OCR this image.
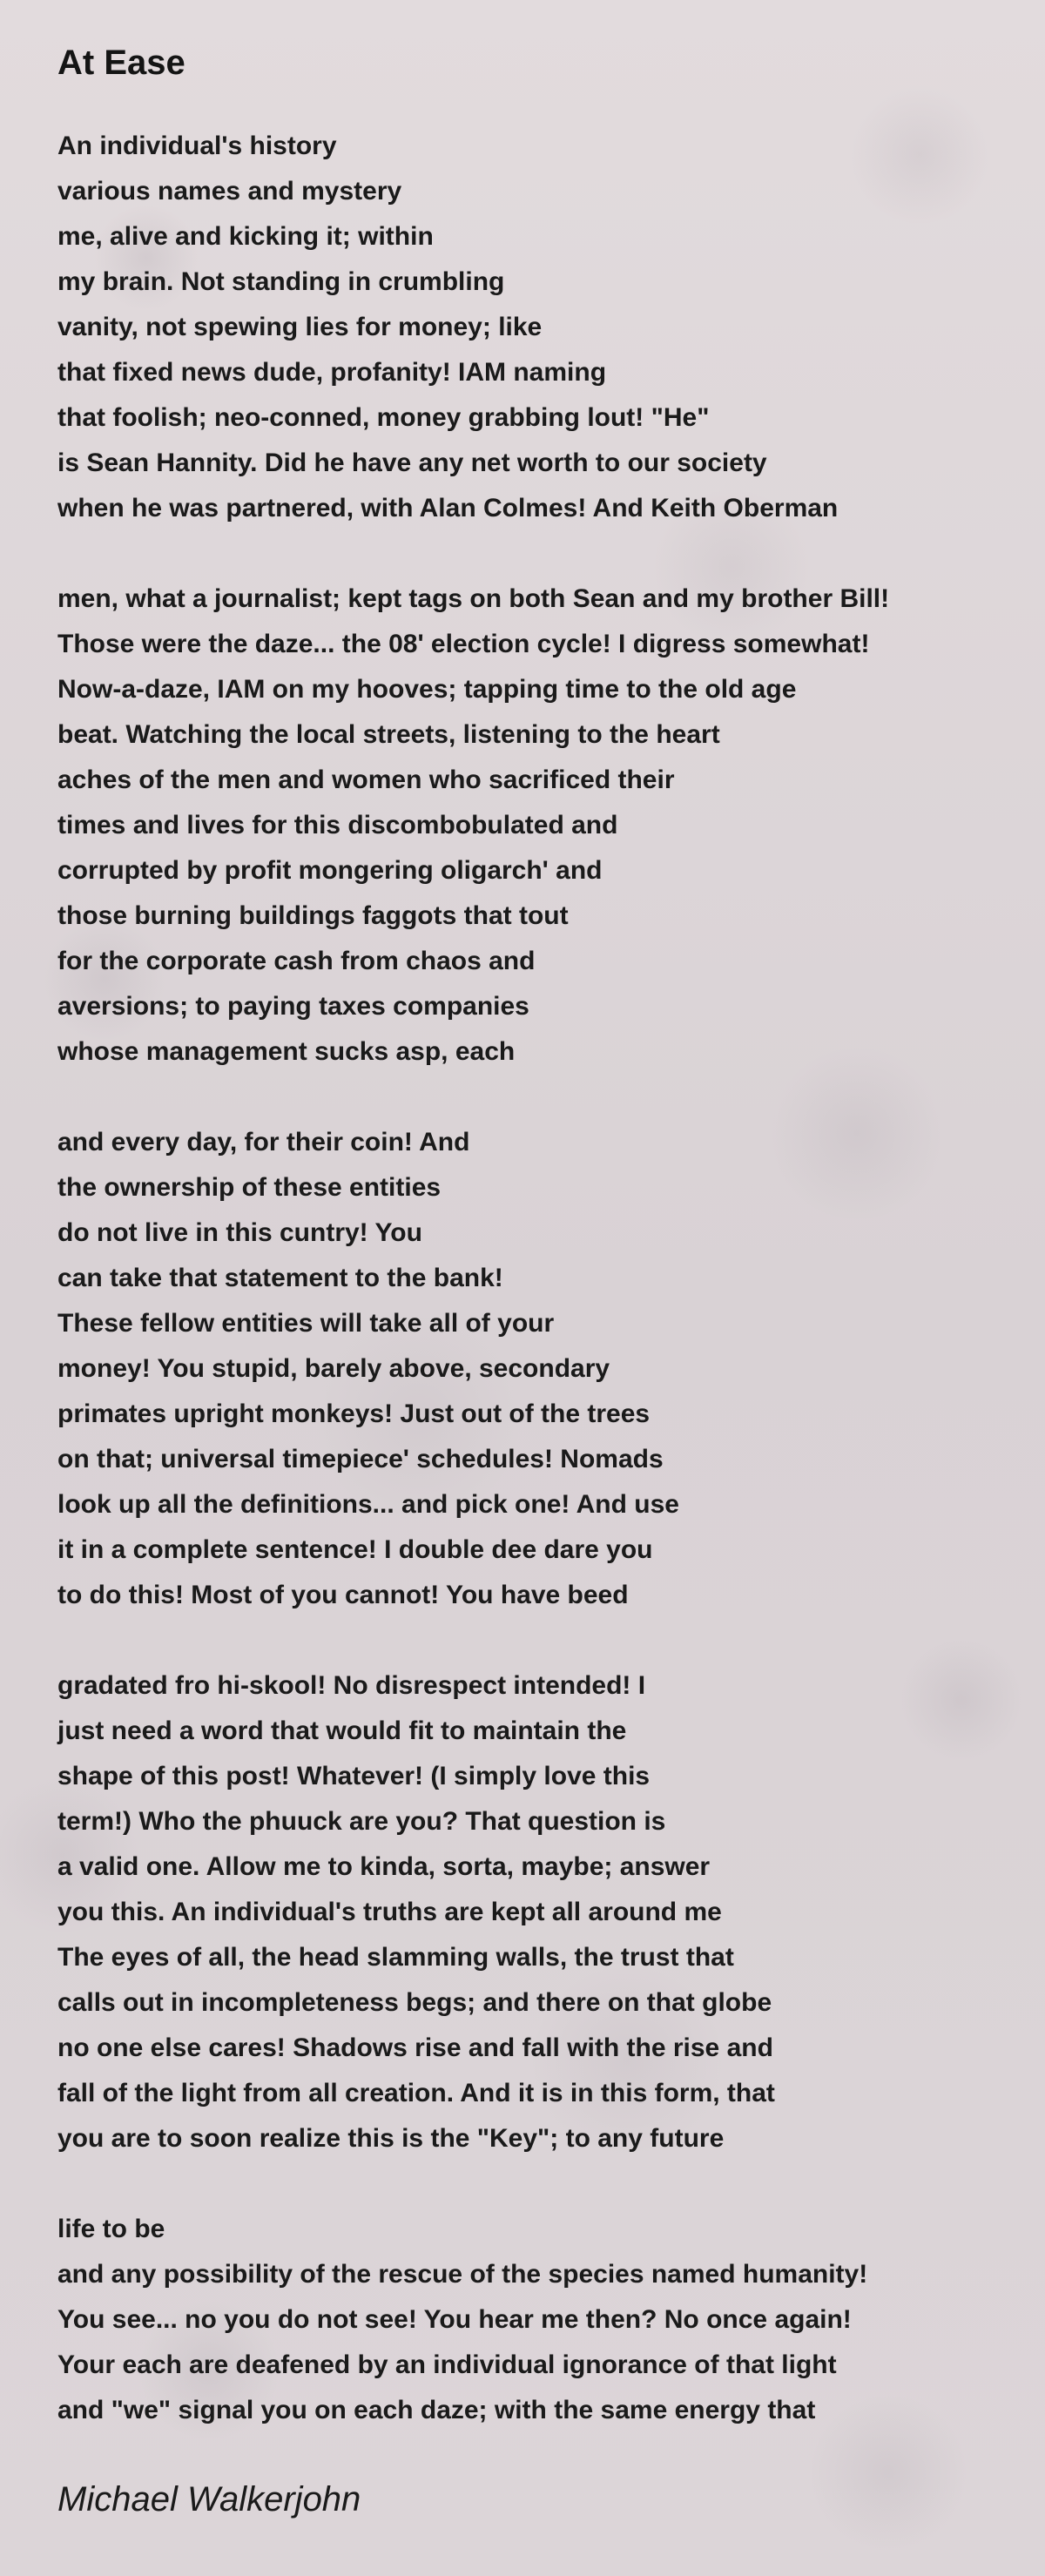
At Ease
An individual's history
various names and mystery
me, alive and kicking it; within
my brain. Not standing in crumbling
vanity, not spewing lies for money; like
that fixed news dude, profanity! IAM naming
that foolish; neo-conned, money grabbing lout! "He"
is Sean Hannity. Did he have any net worth to our society
when he was partnered, with Alan Colmes! And Keith Oberman
men, what a journalist; kept tags on both Sean and my brother Bill!
Those were the daze... the 08' election cycle! I digress somewhat!
Now-a-daze, IAM on my hooves; tapping time to the old age
beat. Watching the local streets, listening to the heart
aches of the men and women who sacrificed their
times and lives for this discombobulated and
corrupted by profit mongering oligarch' and
those burning buildings faggots that tout
for the corporate cash from chaos and
aversions; to paying taxes companies
whose management sucks asp, each
and every day, for their coin! And
the ownership of these entities
do not live in this cuntry! You
can take that statement to the bank!
These fellow entities will take all of your
money! You stupid, barely above, secondary
primates upright monkeys! Just out of the trees
on that; universal timepiece' schedules! Nomads
look up all the definitions... and pick one! And use
it in a complete sentence! I double dee dare you
to do this! Most of you cannot! You have beed
gradated fro hi-skool! No disrespect intended! I
just need a word that would fit to maintain the
shape of this post! Whatever! (I simply love this
term!) Who the phuuck are you? That question is
a valid one. Allow me to kinda, sorta, maybe; answer
you this. An individual's truths are kept all around me
The eyes of all, the head slamming walls, the trust that
calls out in incompleteness begs; and there on that globe
no one else cares! Shadows rise and fall with the rise and
fall of the light from all creation. And it is in this form, that
you are to soon realize this is the "Key"; to any future
life to be
and any possibility of the rescue of the species named humanity!
You see... no you do not see! You hear me then? No once again!
Your each are deafened by an individual ignorance of that light
and "we" signal you on each daze; with the same energy that
Michael Walkerjohn
